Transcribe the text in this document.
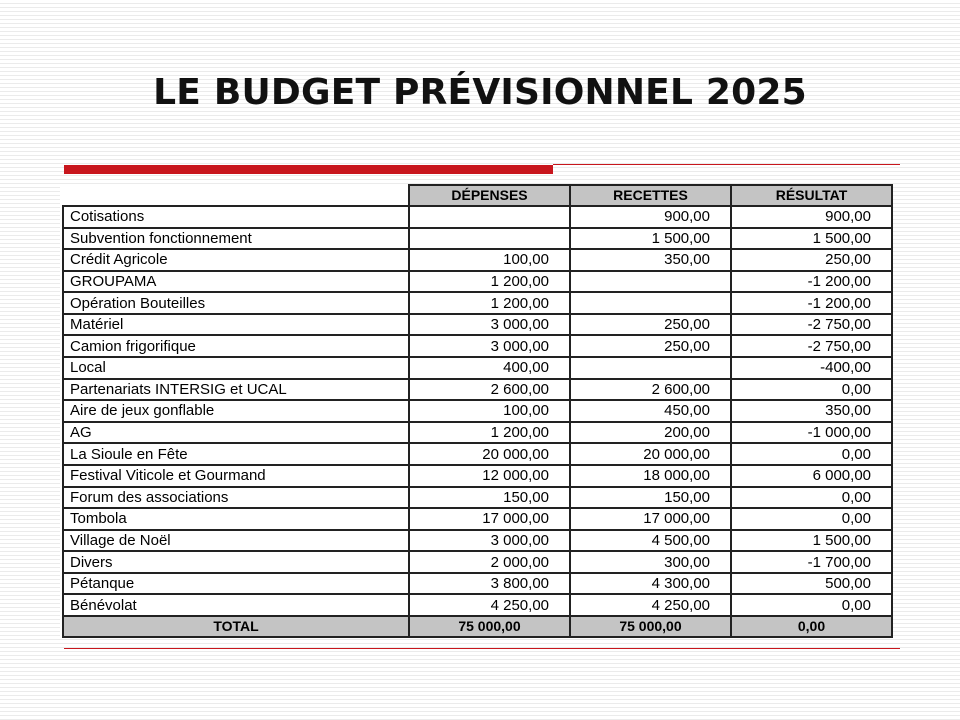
LE BUDGET PRÉVISIONNEL 2025
	DÉPENSES	RECETTES	RÉSULTAT
Cotisations		900,00	900,00
Subvention fonctionnement		1 500,00	1 500,00
Crédit Agricole	100,00	350,00	250,00
GROUPAMA	1 200,00		-1 200,00
Opération Bouteilles	1 200,00		-1 200,00
Matériel	3 000,00	250,00	-2 750,00
Camion frigorifique	3 000,00	250,00	-2 750,00
Local	400,00		-400,00
Partenariats INTERSIG et UCAL	2 600,00	2 600,00	0,00
Aire de jeux gonflable	100,00	450,00	350,00
AG	1 200,00	200,00	-1 000,00
La Sioule en Fête	20 000,00	20 000,00	0,00
Festival Viticole et Gourmand	12 000,00	18 000,00	6 000,00
Forum des associations	150,00	150,00	0,00
Tombola	17 000,00	17 000,00	0,00
Village de Noël	3 000,00	4 500,00	1 500,00
Divers	2 000,00	300,00	-1 700,00
Pétanque	3 800,00	4 300,00	500,00
Bénévolat	4 250,00	4 250,00	0,00
TOTAL	75 000,00	75 000,00	0,00
